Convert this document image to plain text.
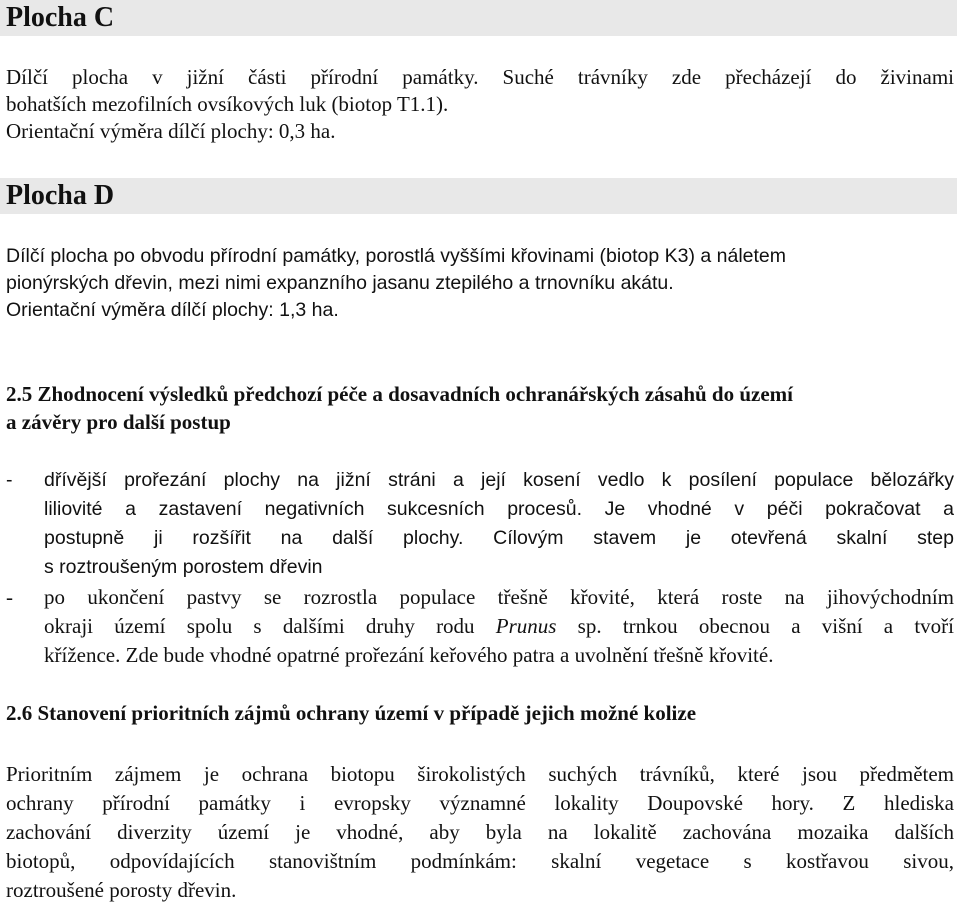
Plocha C
Dílčí plocha v jižní části přírodní památky. Suché trávníky zde přecházejí do živinami
bohatších mezofilních ovsíkových luk (biotop T1.1).
Orientační výměra dílčí plochy: 0,3 ha.
Plocha D
Dílčí plocha po obvodu přírodní památky, porostlá vyššími křovinami (biotop K3) a náletem
pionýrských dřevin, mezi nimi expanzního jasanu ztepilého a trnovníku akátu.
Orientační výměra dílčí plochy: 1,3 ha.
2.5 Zhodnocení výsledků předchozí péče a dosavadních ochranářských zásahů do území
a závěry pro další postup
-	dřívější prořezání plochy na jižní stráni a její kosení vedlo k posílení populace bělozářky
liliovité a zastavení negativních sukcesních procesů. Je vhodné v péči pokračovat a
postupně ji rozšířit na další plochy. Cílovým stavem je otevřená skalní step
s roztroušeným porostem dřevin
-	po ukončení pastvy se rozrostla populace třešně křovité, která roste na jihovýchodním
okraji území spolu s dalšími druhy rodu Prunus sp. trnkou obecnou a višní a tvoří
křížence. Zde bude vhodné opatrné prořezání keřového patra a uvolnění třešně křovité.
2.6 Stanovení prioritních zájmů ochrany území v případě jejich možné kolize
Prioritním zájmem je ochrana biotopu širokolistých suchých trávníků, které jsou předmětem
ochrany přírodní památky i evropsky významné lokality Doupovské hory. Z hlediska
zachování diverzity území je vhodné, aby byla na lokalitě zachována mozaika dalších
biotopů, odpovídajících stanovištním podmínkám: skalní vegetace s kostřavou sivou,
roztroušené porosty dřevin.
